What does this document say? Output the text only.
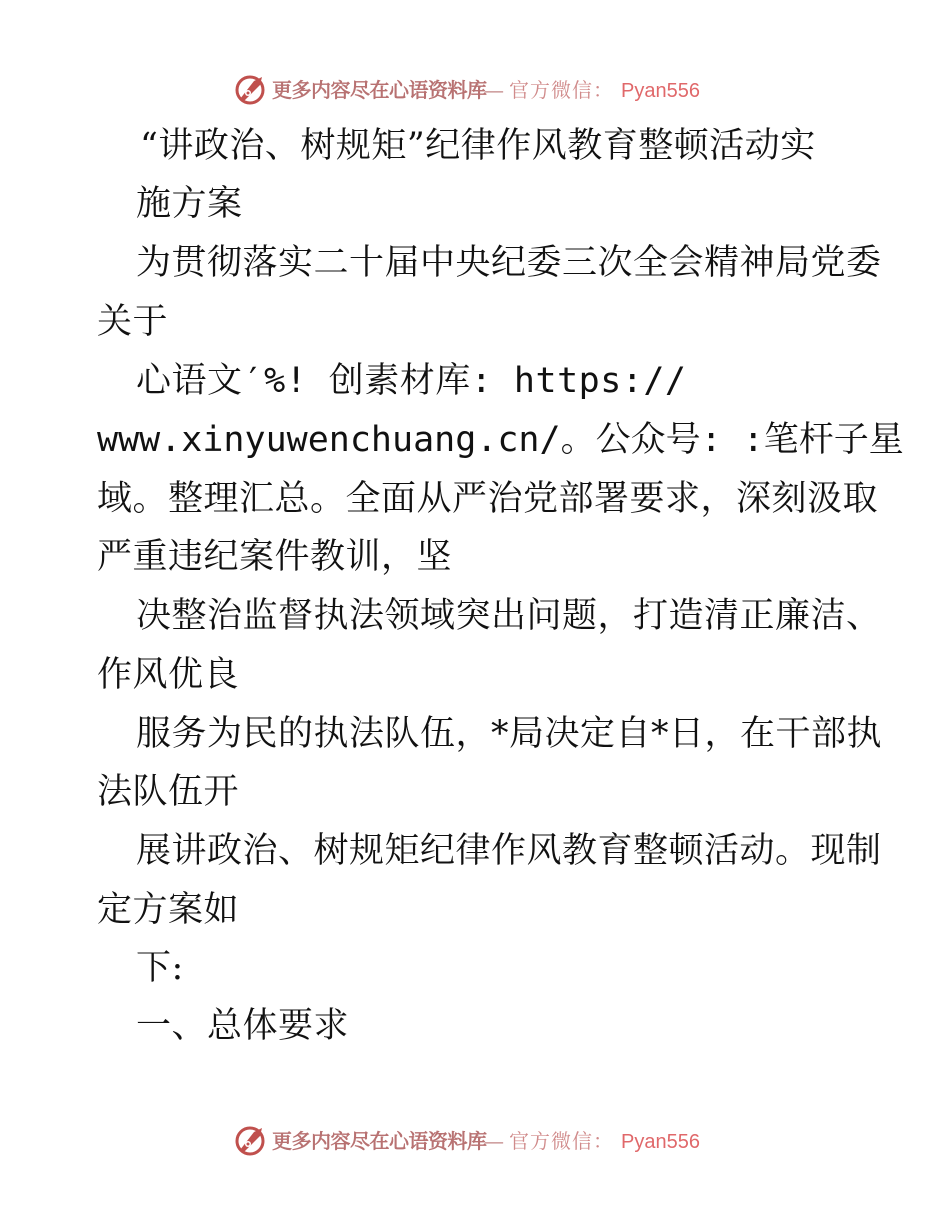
更多内容尽在心语资料库
— 官方微信： Pyan556
“讲政治、树规矩”纪律作风教育整顿活动实
施方案
为贯彻落实二十届中央纪委三次全会精神局党委
关于
心语文′%! 创素材库: https://
www.xinyuwenchuang.cn/。公众号: :笔杆子星
域。整理汇总。全面从严治党部署要求，深刻汲取
严重违纪案件教训，坚
决整治监督执法领域突出问题，打造清正廉洁、
作风优良
服务为民的执法队伍，*局决定自*日，在干部执
法队伍开
展讲政治、树规矩纪律作风教育整顿活动。现制
定方案如
下:
一、总体要求
更多内容尽在心语资料库
— 官方微信： Pyan556
